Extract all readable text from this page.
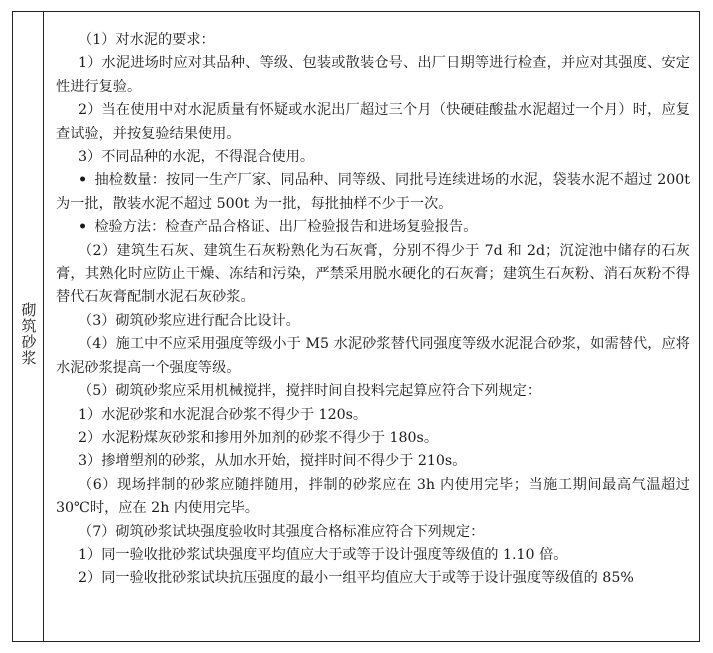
砌筑砂浆

（1）对水泥的要求：

1）水泥进场时应对其品种、等级、包装或散装仓号、出厂日期等进行检查，并应对其强度、安定性进行复验。

2）当在使用中对水泥质量有怀疑或水泥出厂超过三个月（快硬硅酸盐水泥超过一个月）时，应复查试验，并按复验结果使用。

3）不同品种的水泥，不得混合使用。

• 抽检数量：按同一生产厂家、同品种、同等级、同批号连续进场的水泥，袋装水泥不超过 200t 为一批，散装水泥不超过 500t 为一批，每批抽样不少于一次。

• 检验方法：检查产品合格证、出厂检验报告和进场复验报告。

（2）建筑生石灰、建筑生石灰粉熟化为石灰膏，分别不得少于 7d 和 2d；沉淀池中储存的石灰膏，其熟化时应防止干燥、冻结和污染，严禁采用脱水硬化的石灰膏；建筑生石灰粉、消石灰粉不得替代石灰膏配制水泥石灰砂浆。

（3）砌筑砂浆应进行配合比设计。

（4）施工中不应采用强度等级小于 M5 水泥砂浆替代同强度等级水泥混合砂浆，如需替代，应将水泥砂浆提高一个强度等级。

（5）砌筑砂浆应采用机械搅拌，搅拌时间自投料完起算应符合下列规定：

1）水泥砂浆和水泥混合砂浆不得少于 120s。

2）水泥粉煤灰砂浆和掺用外加剂的砂浆不得少于 180s。

3）掺增塑剂的砂浆，从加水开始，搅拌时间不得少于 210s。

（6）现场拌制的砂浆应随拌随用，拌制的砂浆应在 3h 内使用完毕；当施工期间最高气温超过 30℃时，应在 2h 内使用完毕。

（7）砌筑砂浆试块强度验收时其强度合格标准应符合下列规定：

1）同一验收批砂浆试块强度平均值应大于或等于设计强度等级值的 1.10 倍。

2）同一验收批砂浆试块抗压强度的最小一组平均值应大于或等于设计强度等级值的 85%
